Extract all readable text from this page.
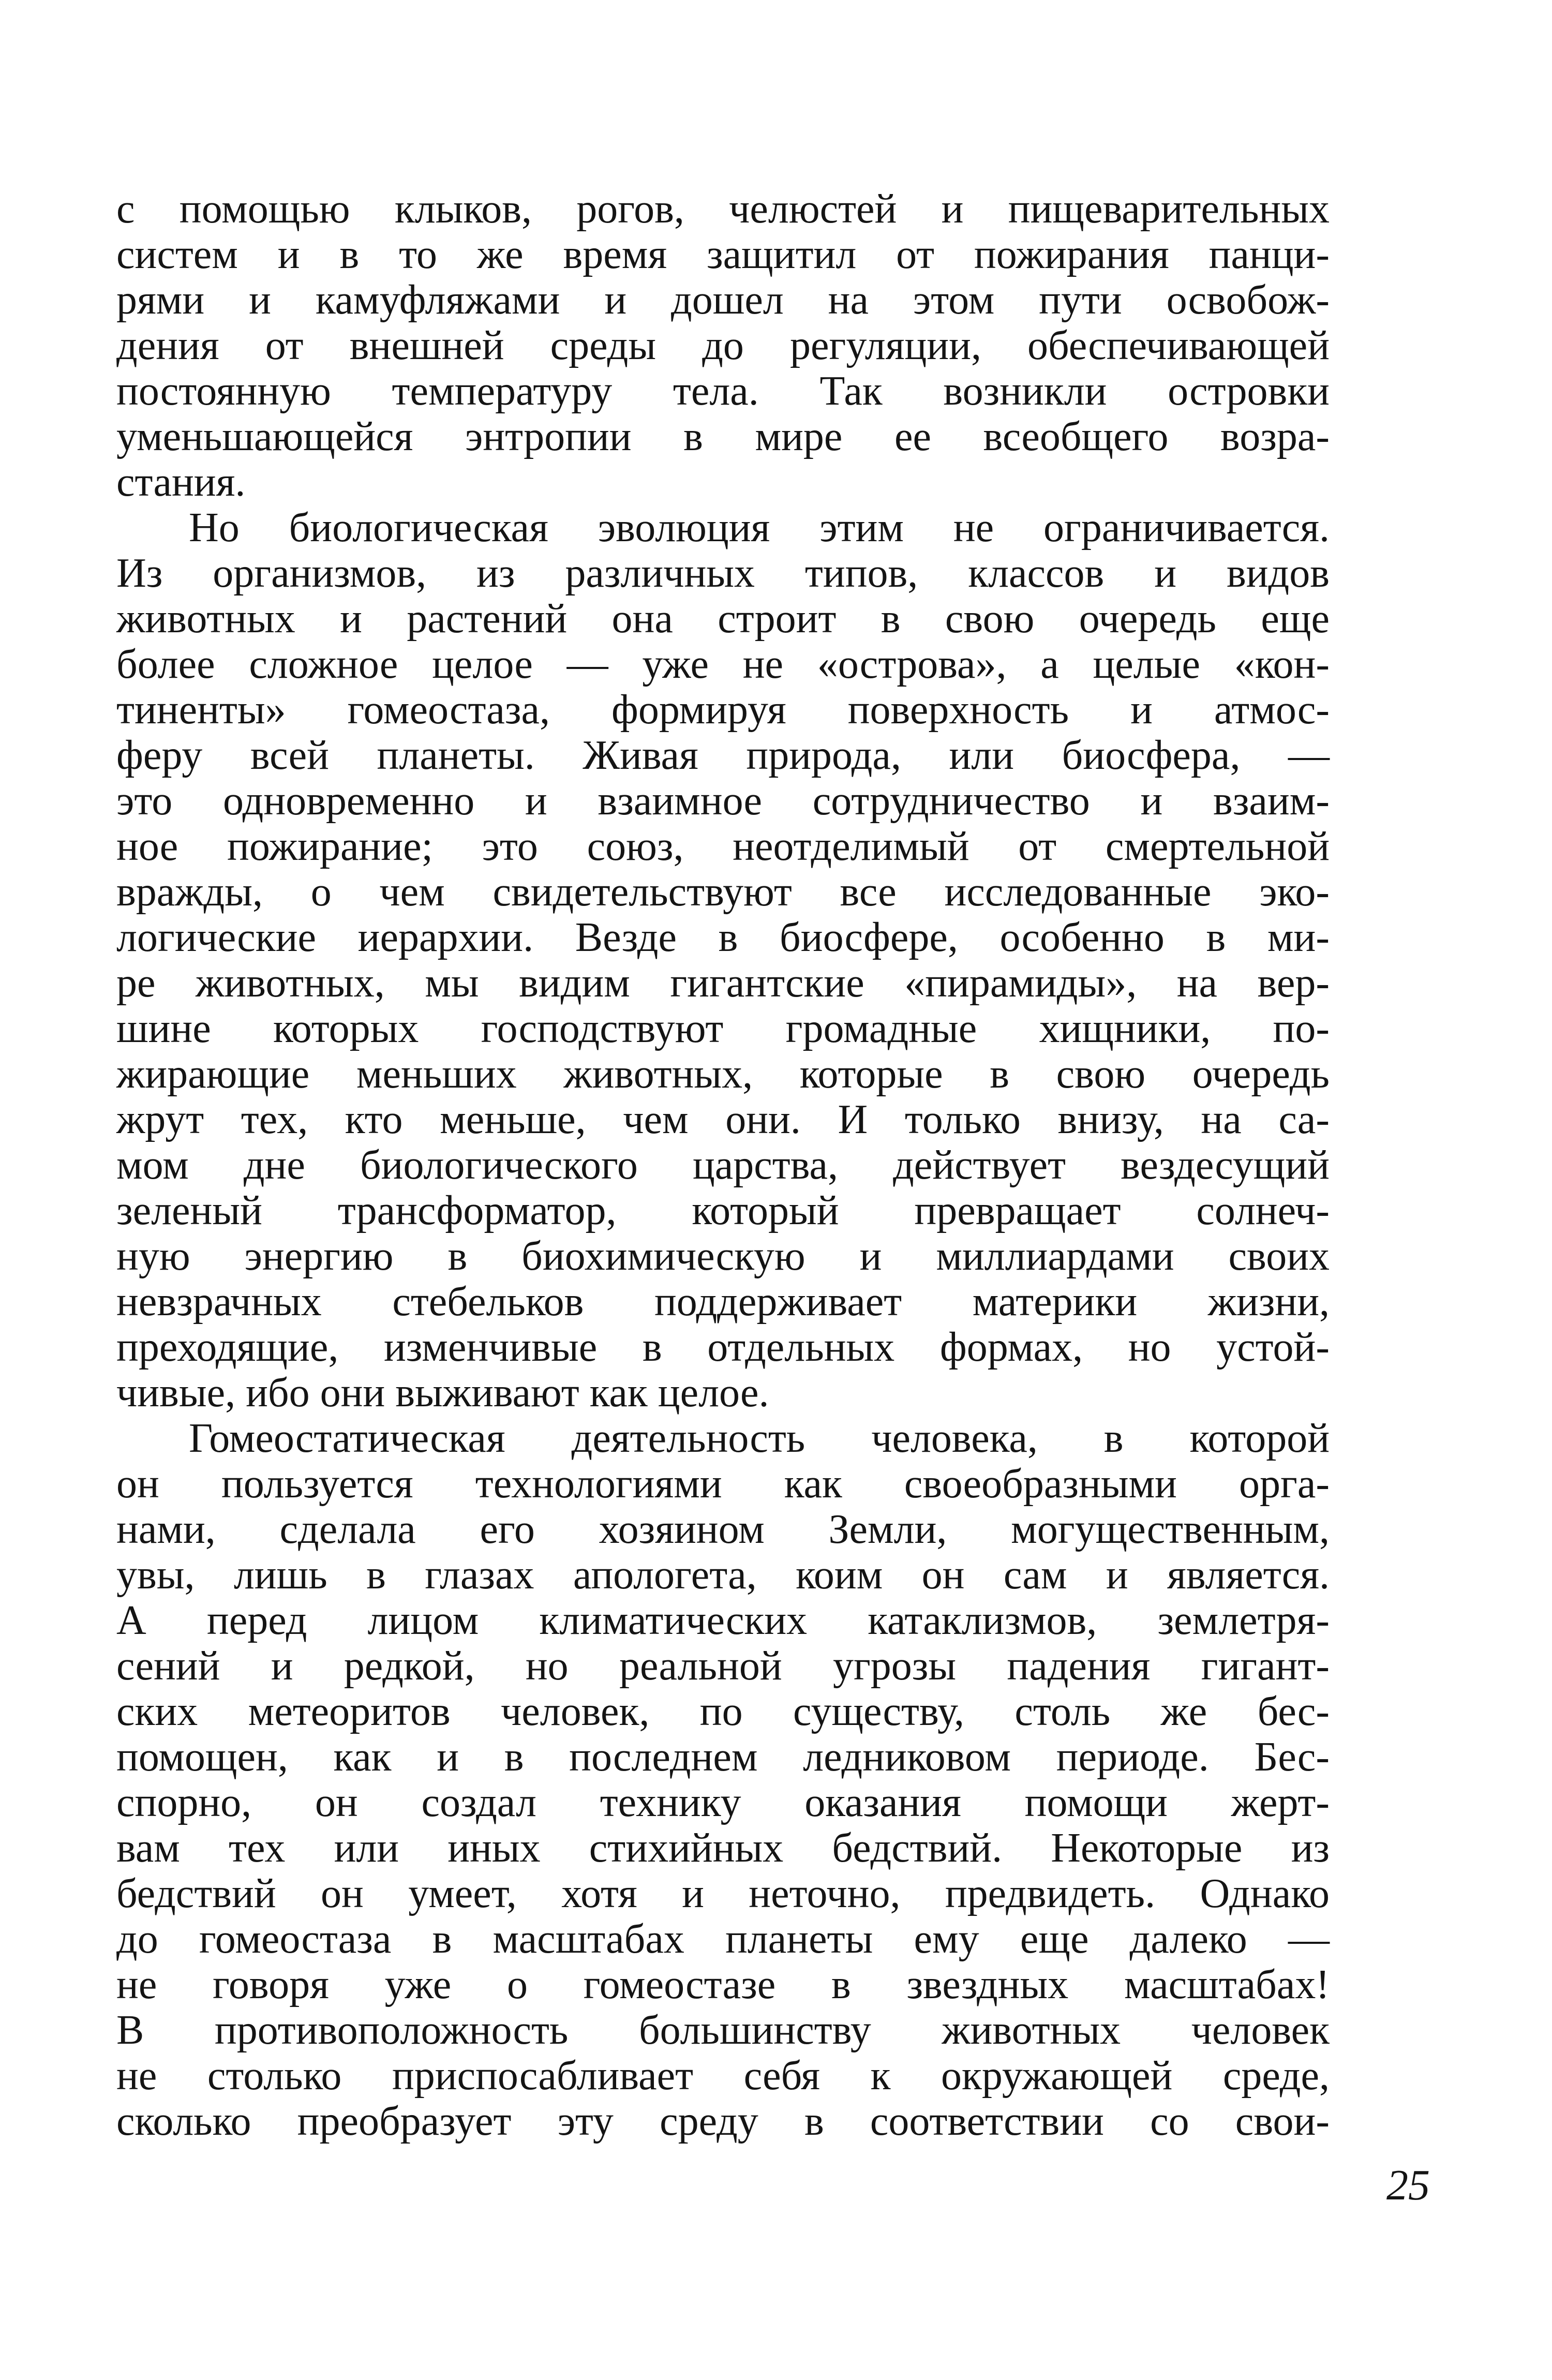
с помощью клыков, рогов, челюстей и пищеварительных
систем и в то же время защитил от пожирания панци-
рями и камуфляжами и дошел на этом пути освобож-
дения от внешней среды до регуляции, обеспечивающей
постоянную температуру тела. Так возникли островки
уменьшающейся энтропии в мире ее всеобщего возра-
стания.
Но биологическая эволюция этим не ограничивается.
Из организмов, из различных типов, классов и видов
животных и растений она строит в свою очередь еще
более сложное целое — уже не «острова», а целые «кон-
тиненты» гомеостаза, формируя поверхность и атмос-
феру всей планеты. Живая природа, или биосфера, —
это одновременно и взаимное сотрудничество и взаим-
ное пожирание; это союз, неотделимый от смертельной
вражды, о чем свидетельствуют все исследованные эко-
логические иерархии. Везде в биосфере, особенно в ми-
ре животных, мы видим гигантские «пирамиды», на вер-
шине которых господствуют громадные хищники, по-
жирающие меньших животных, которые в свою очередь
жрут тех, кто меньше, чем они. И только внизу, на са-
мом дне биологического царства, действует вездесущий
зеленый трансформатор, который превращает солнеч-
ную энергию в биохимическую и миллиардами своих
невзрачных стебельков поддерживает материки жизни,
преходящие, изменчивые в отдельных формах, но устой-
чивые, ибо они выживают как целое.
Гомеостатическая деятельность человека, в которой
он пользуется технологиями как своеобразными орга-
нами, сделала его хозяином Земли, могущественным,
увы, лишь в глазах апологета, коим он сам и является.
А перед лицом климатических катаклизмов, землетря-
сений и редкой, но реальной угрозы падения гигант-
ских метеоритов человек, по существу, столь же бес-
помощен, как и в последнем ледниковом периоде. Бес-
спорно, он создал технику оказания помощи жерт-
вам тех или иных стихийных бедствий. Некоторые из
бедствий он умеет, хотя и неточно, предвидеть. Однако
до гомеостаза в масштабах планеты ему еще далеко —
не говоря уже о гомеостазе в звездных масштабах!
В противоположность большинству животных человек
не столько приспосабливает себя к окружающей среде,
сколько преобразует эту среду в соответствии со свои-
25
